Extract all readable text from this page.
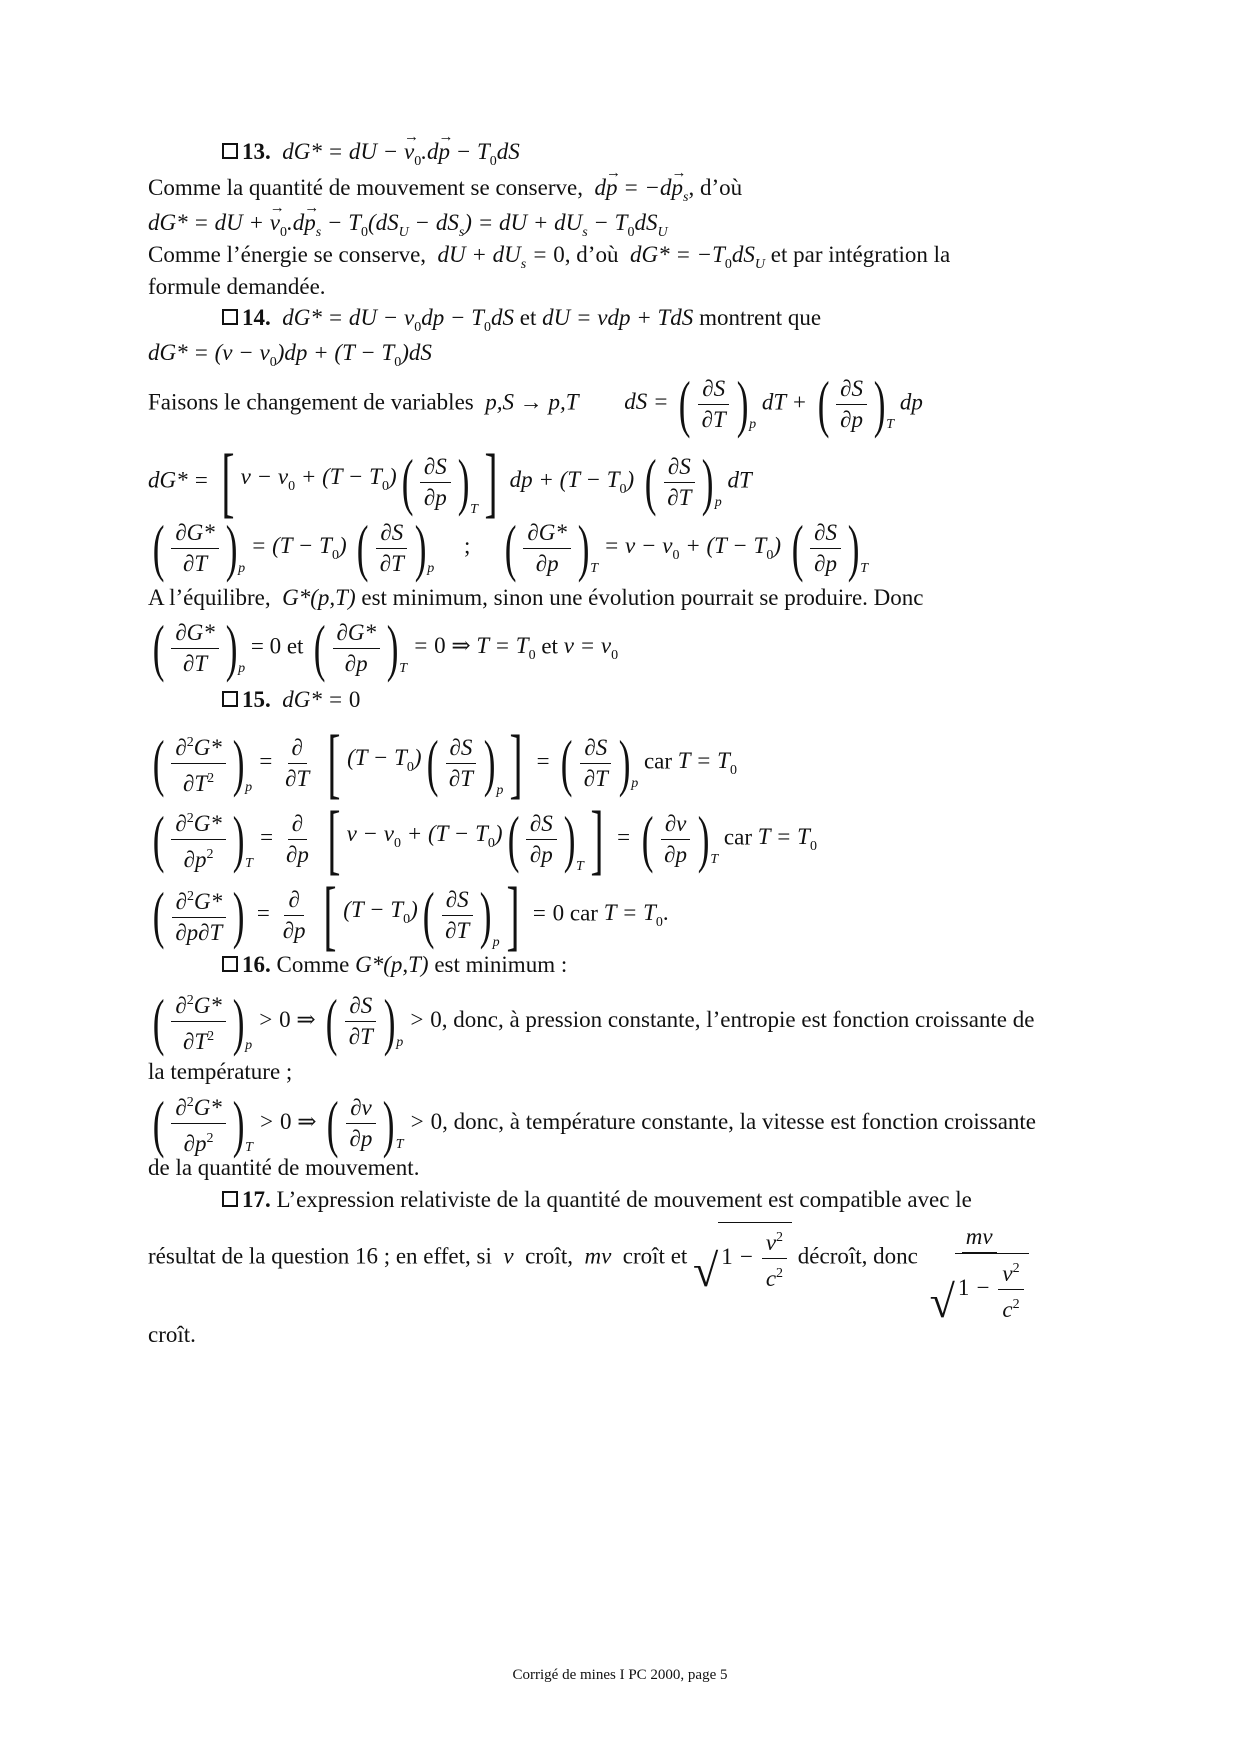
13.  dG* = dU − → $v_0.d\to p - T_0dS$
Comme la quantité de mouvement se conserve,  $d\to p = -d\to p_s$, d’où
dG* = dU + → $v_0.d\to p_s - T_0(dS_U - dS_s)$ = dU + $dU_s - T_0dS_U$
Comme l’énergie se conserve,  dU + $dU_s = 0$, d’où  $dG* = -T_0dS_U$ et par intégration la
formule demandée.
14.  dG* = dU − $v_0dp - T_0dS$ et dU = vdp + TdS montrent que
$dG* = (v - v_0)dp + (T - T_0)dS$
Faisons le changement de variables  p,S → p,T dS = ( ∂S
∂T ) p
dT + ( ∂S
∂p ) T
dp
dG* = [ $v - v_0 + (T - T_0)$ ( ∂S
∂p ) T ] dp + $(T - T_0)$ ( ∂S
∂T ) p
dT
( ∂G*
∂T ) p
= $(T - T_0)$ ( ∂S
∂T ) p
; ( ∂G*
∂p ) T
= $v - v_0 + (T - T_0)$ ( ∂S
∂p ) T
A l’équilibre,  G*(p,T) est minimum, sinon une évolution pourrait se produire. Donc
( ∂G*
∂T ) p
= 0 et ( ∂G*
∂p ) T
= 0 ⇒ $T = T_0$ et $v = v_0$
15.  dG* = 0
( ∂$^2$G*
$\partial T^2$ ) p
=
∂
∂T
[ $(T - T_0)$ ( ∂S
∂T ) p ] = ( ∂S
∂T ) p
car $T = T_0$
( ∂$^2$G*
$\partial p^2$ ) T
=
∂
∂p
[ $v - v_0 + (T - T_0)$ ( ∂S
∂p ) T ] = ( ∂v
∂p ) T
car $T = T_0$
( ∂$^2$G*
∂p∂T ) =
∂
∂p
[ $(T - T_0)$ ( ∂S
∂T ) p ] = 0 car $T = T_0$.
16. Comme G*(p,T) est minimum :
( ∂$^2$G*
$\partial T^2$ ) p
> 0 ⇒ ( ∂S
∂T ) p
> 0, donc, à pression constante, l’entropie est fonction croissante de
la température ;
( ∂$^2$G*
$\partial p^2$ ) T
> 0 ⇒ ( ∂v
∂p ) T
> 0, donc, à température constante, la vitesse est fonction croissante
de la quantité de mouvement.
17. L’expression relativiste de la quantité de mouvement est compatible avec le
résultat de la question 16 ; en effet, si  v  croît,  mv  croît et √ $1 - \frac{v^2}{c^2}$ décroît, donc $\frac{mv}{√ 1 - \frac{v^2}{c^2}}$
croît.
Corrigé de mines I PC 2000, page 5
